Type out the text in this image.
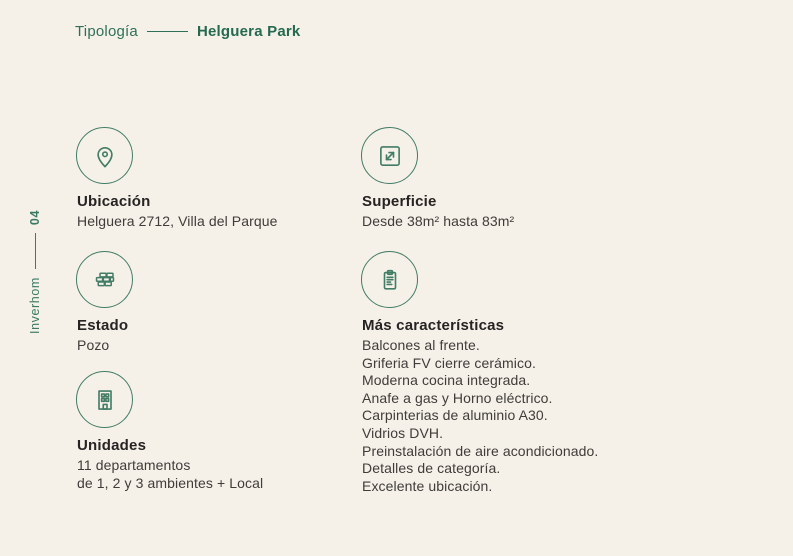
Tipología	Helguera Park
Inverhom
04
Ubicación

Helguera 2712, Villa del Parque

Superficie

Desde 38m² hasta 83m²

Estado

Pozo

Más características

Balcones al frente.

Griferia FV cierre cerámico.

Moderna cocina integrada.

Anafe a gas y Horno eléctrico.

Carpinterias de aluminio A30.

Vidrios DVH.

Preinstalación de aire acondicionado.

Detalles de categoría.

Excelente ubicación.

Unidades

11 departamentos

de 1, 2 y 3 ambientes + Local
